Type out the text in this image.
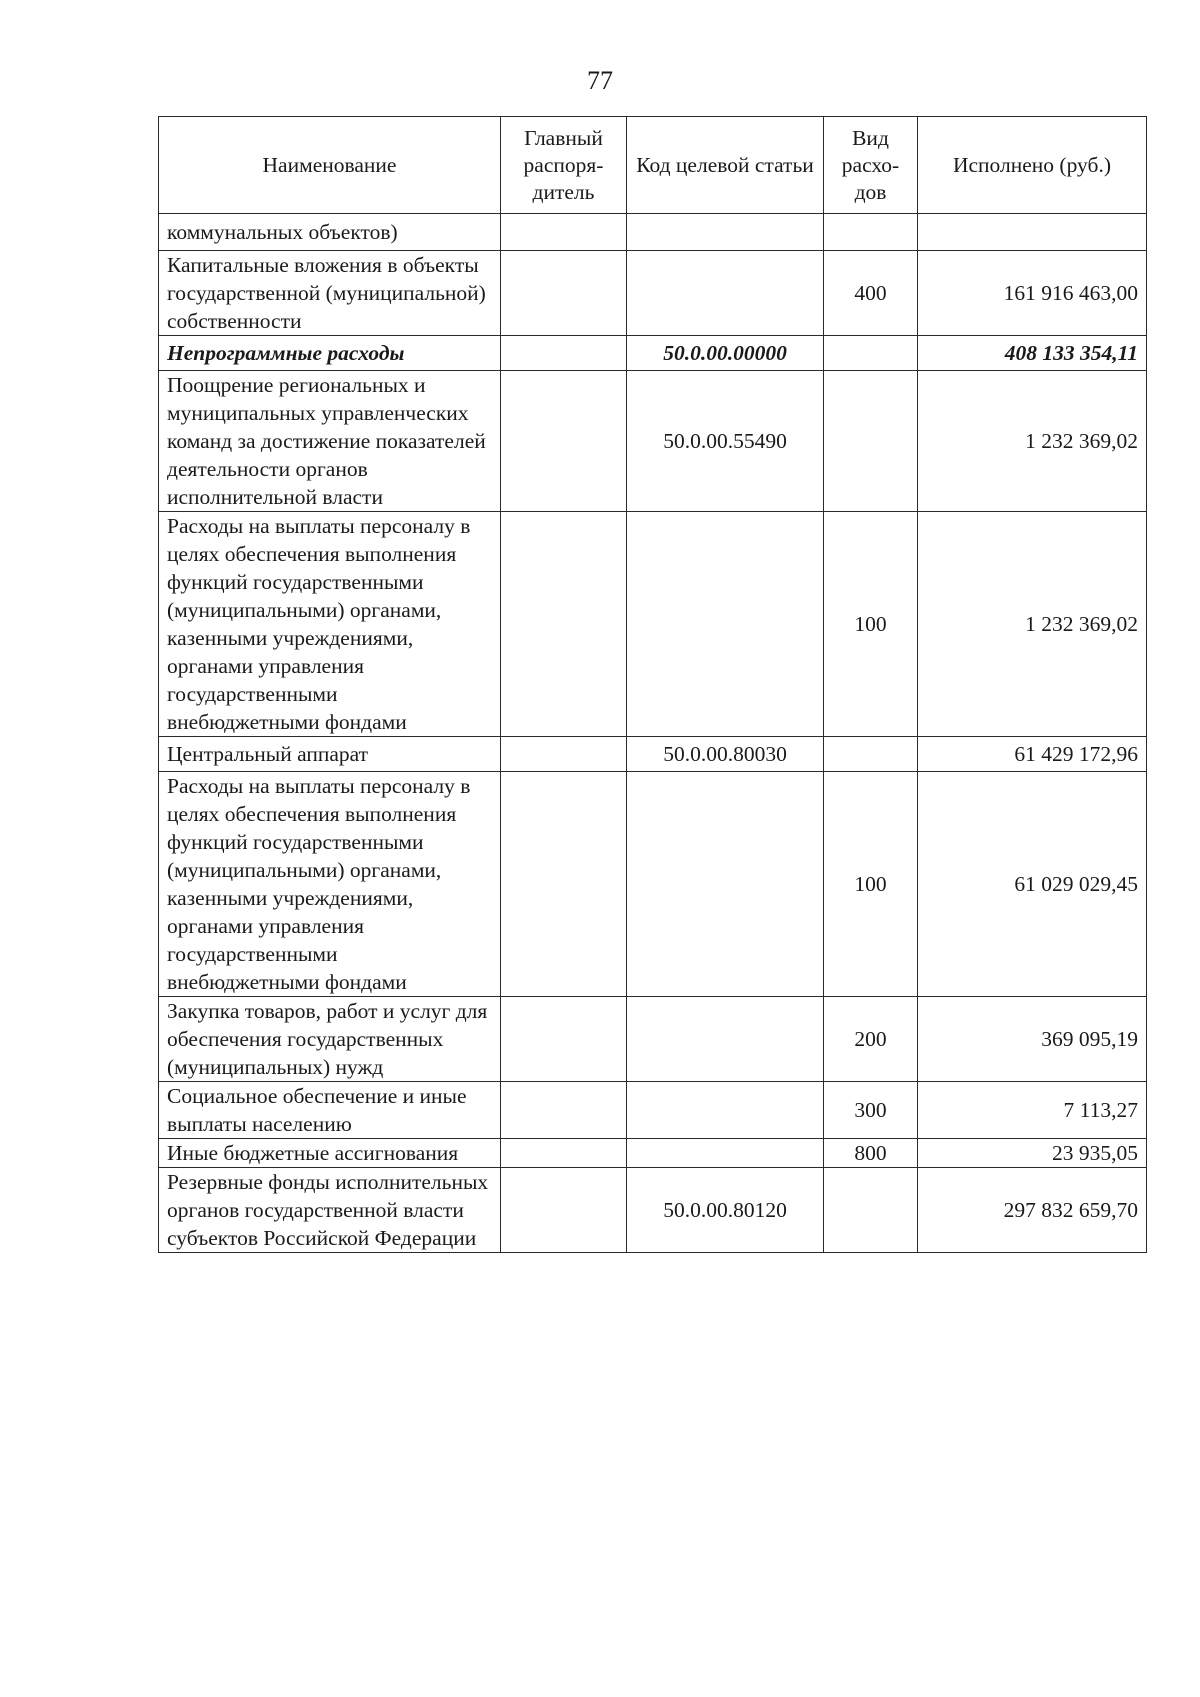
77
Наименование	Главный распоря-дитель	Код целевой статьи	Вид расхо-дов	Исполнено (руб.)
коммунальных объектов)				
Капитальные вложения в объекты государственной (муниципальной) собственности			400	161 916 463,00
Непрограммные расходы		50.0.00.00000		408 133 354,11
Поощрение региональных и муниципальных управленческих команд за достижение показателей деятельности органов исполнительной власти		50.0.00.55490		1 232 369,02
Расходы на выплаты персоналу в целях обеспечения выполнения функций государственными (муниципальными) органами, казенными учреждениями, органами управления государственными внебюджетными фондами			100	1 232 369,02
Центральный аппарат		50.0.00.80030		61 429 172,96
Расходы на выплаты персоналу в целях обеспечения выполнения функций государственными (муниципальными) органами, казенными учреждениями, органами управления государственными внебюджетными фондами			100	61 029 029,45
Закупка товаров, работ и услуг для обеспечения государственных (муниципальных) нужд			200	369 095,19
Социальное обеспечение и иные выплаты населению			300	7 113,27
Иные бюджетные ассигнования			800	23 935,05
Резервные фонды исполнительных органов государственной власти субъектов Российской Федерации		50.0.00.80120		297 832 659,70
